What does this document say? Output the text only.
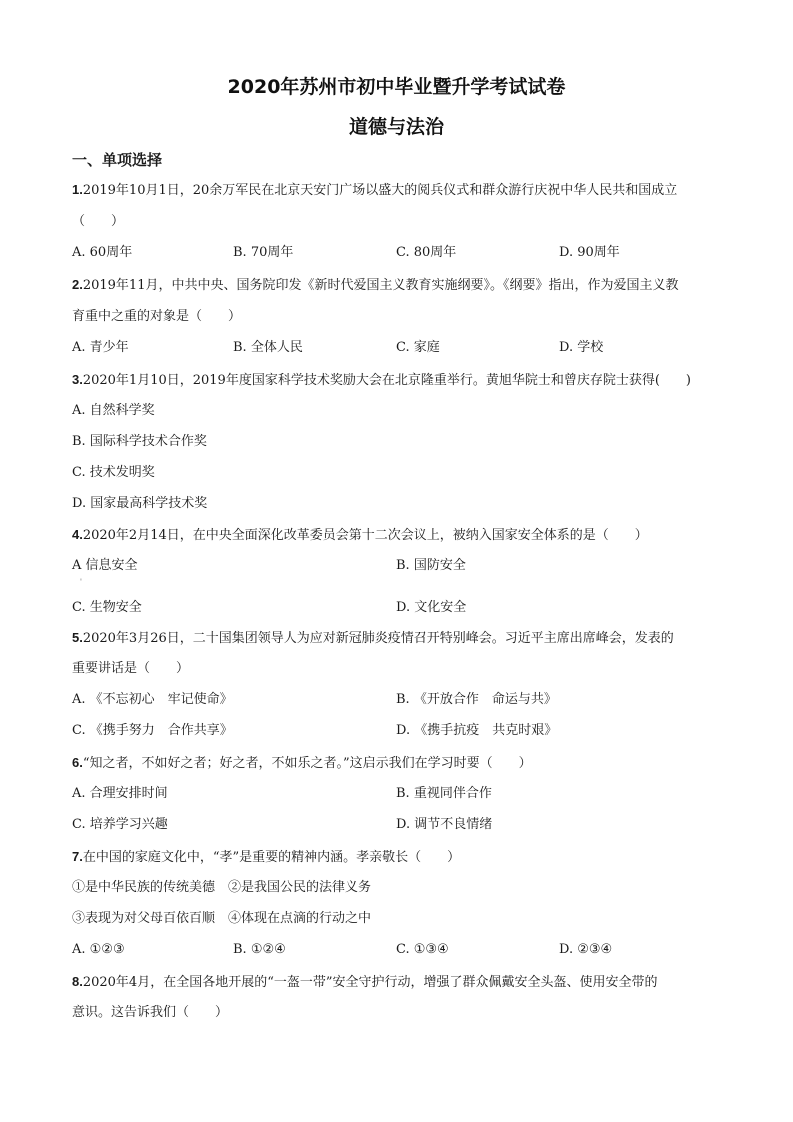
2020年苏州市初中毕业暨升学考试试卷
道德与法治
一、单项选择
1.2019年10月1日，20余万军民在北京天安门广场以盛大的阅兵仪式和群众游行庆祝中华人民共和国成立
（　　）
A. 60周年	B. 70周年	C. 80周年	D. 90周年
2.2019年11月，中共中央、国务院印发《新时代爱国主义教育实施纲要》。《纲要》指出，作为爱国主义教
育重中之重的对象是（　　）
A. 青少年	B. 全体人民	C. 家庭	D. 学校
3.2020年1月10日，2019年度国家科学技术奖励大会在北京隆重举行。黄旭华院士和曾庆存院士获得(　　)
A. 自然科学奖
B. 国际科学技术合作奖
C. 技术发明奖
D. 国家最高科学技术奖
4.2020年2月14日，在中央全面深化改革委员会第十二次会议上，被纳入国家安全体系的是（　　）
A 信息安全	B. 国防安全
'
C. 生物安全	D. 文化安全
5.2020年3月26日，二十国集团领导人为应对新冠肺炎疫情召开特别峰会。习近平主席出席峰会，发表的
重要讲话是（　　）
A. 《不忘初心　牢记使命》	B. 《开放合作　命运与共》
C. 《携手努力　合作共享》	D. 《携手抗疫　共克时艰》
6.“知之者，不如好之者；好之者，不如乐之者。”这启示我们在学习时要（　　）
A. 合理安排时间	B. 重视同伴合作
C. 培养学习兴趣	D. 调节不良情绪
7.在中国的家庭文化中，“孝”是重要的精神内涵。孝亲敬长（　　）
①是中华民族的传统美德　②是我国公民的法律义务
③表现为对父母百依百顺　④体现在点滴的行动之中
A. ①②③	B. ①②④	C. ①③④	D. ②③④
8.2020年4月，在全国各地开展的“一盔一带”安全守护行动，增强了群众佩戴安全头盔、使用安全带的
意识。这告诉我们（　　）
